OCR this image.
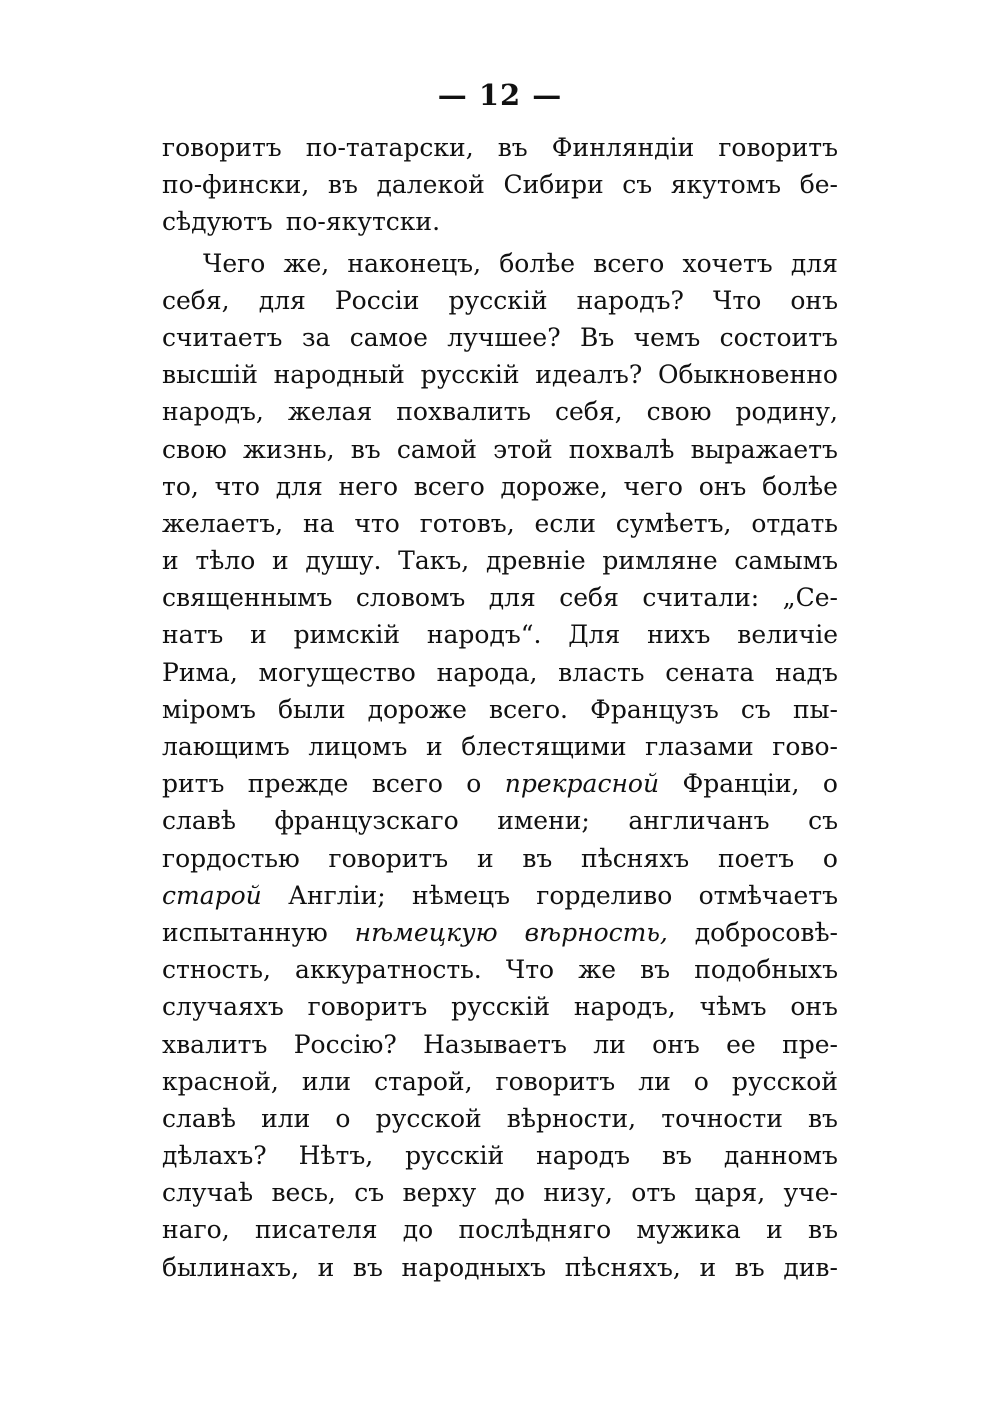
— 12 —
говоритъ по-татарски, въ Финляндіи говоритъ
по-фински, въ далекой Сибири съ якутомъ бе-
сѣдуютъ по-якутски.
Чего же, наконецъ, болѣе всего хочетъ для
себя, для Россіи русскій народъ? Что онъ
считаетъ за самое лучшее? Въ чемъ состоитъ
высшій народный русскій идеалъ? Обыкновенно
народъ, желая похвалить себя, свою родину,
свою жизнь, въ самой этой похвалѣ выражаетъ
то, что для него всего дороже, чего онъ болѣе
желаетъ, на что готовъ, если сумѣетъ, отдать
и тѣло и душу. Такъ, древніе римляне самымъ
священнымъ словомъ для себя считали: „Се-
натъ и римскій народъ“. Для нихъ величіе
Рима, могущество народа, власть сената надъ
міромъ были дороже всего. Французъ съ пы-
лающимъ лицомъ и блестящими глазами гово-
ритъ прежде всего о прекрасной Франціи, о
славѣ французскаго имени; англичанъ съ
гордостью говоритъ и въ пѣсняхъ поетъ о
старой Англіи; нѣмецъ горделиво отмѣчаетъ
испытанную нѣмецкую вѣрность, добросовѣ-
стность, аккуратность. Что же въ подобныхъ
случаяхъ говоритъ русскій народъ, чѣмъ онъ
хвалитъ Россію? Называетъ ли онъ ее пре-
красной, или старой, говоритъ ли о русской
славѣ или о русской вѣрности, точности въ
дѣлахъ? Нѣтъ, русскій народъ въ данномъ
случаѣ весь, съ верху до низу, отъ царя, уче-
наго, писателя до послѣдняго мужика и въ
былинахъ, и въ народныхъ пѣсняхъ, и въ див-
